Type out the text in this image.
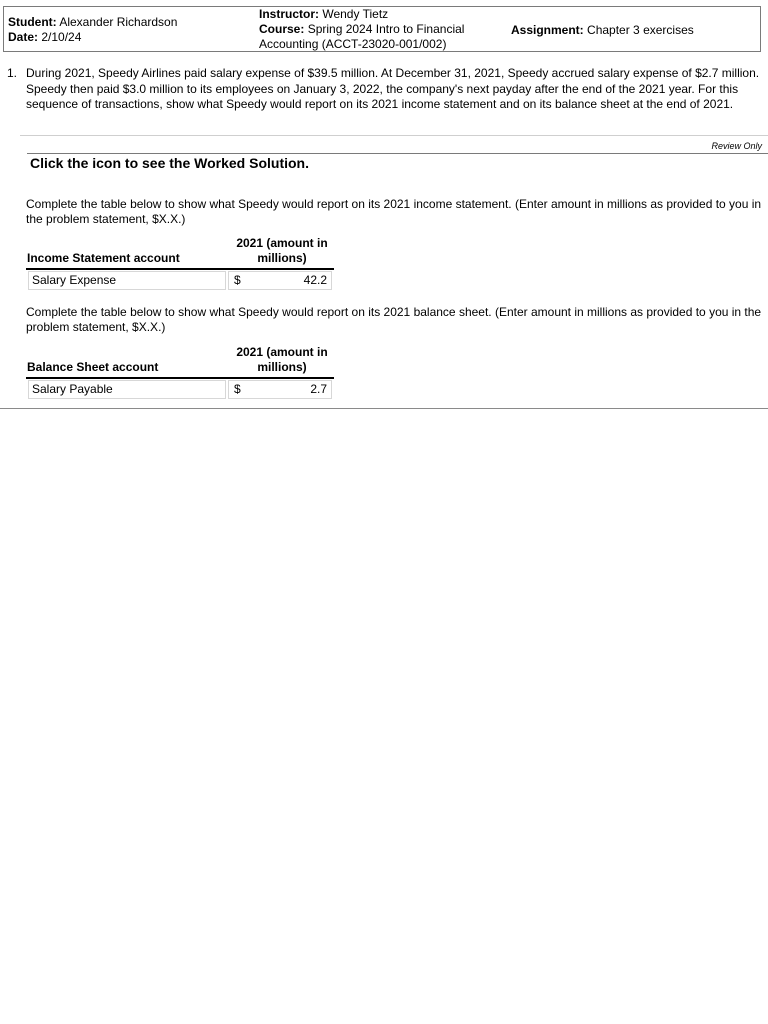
Student: Alexander Richardson
Date: 2/10/24
Instructor: Wendy Tietz
Course: Spring 2024 Intro to Financial Accounting (ACCT-23020-001/002)
Assignment: Chapter 3 exercises
1. During 2021, Speedy Airlines paid salary expense of $39.5 million. At December 31, 2021, Speedy accrued salary expense of $2.7 million. Speedy then paid $3.0 million to its employees on January 3, 2022, the company's next payday after the end of the 2021 year. For this sequence of transactions, show what Speedy would report on its 2021 income statement and on its balance sheet at the end of 2021.
Review Only
Click the icon to see the Worked Solution.
Complete the table below to show what Speedy would report on its 2021 income statement. (Enter amount in millions as provided to you in the problem statement, $X.X.)
Income Statement account
2021 (amount in
millions)
Salary Expense	$	42.2
Complete the table below to show what Speedy would report on its 2021 balance sheet. (Enter amount in millions as provided to you in the problem statement, $X.X.)
Balance Sheet account
2021 (amount in
millions)
Salary Payable	$	2.7
